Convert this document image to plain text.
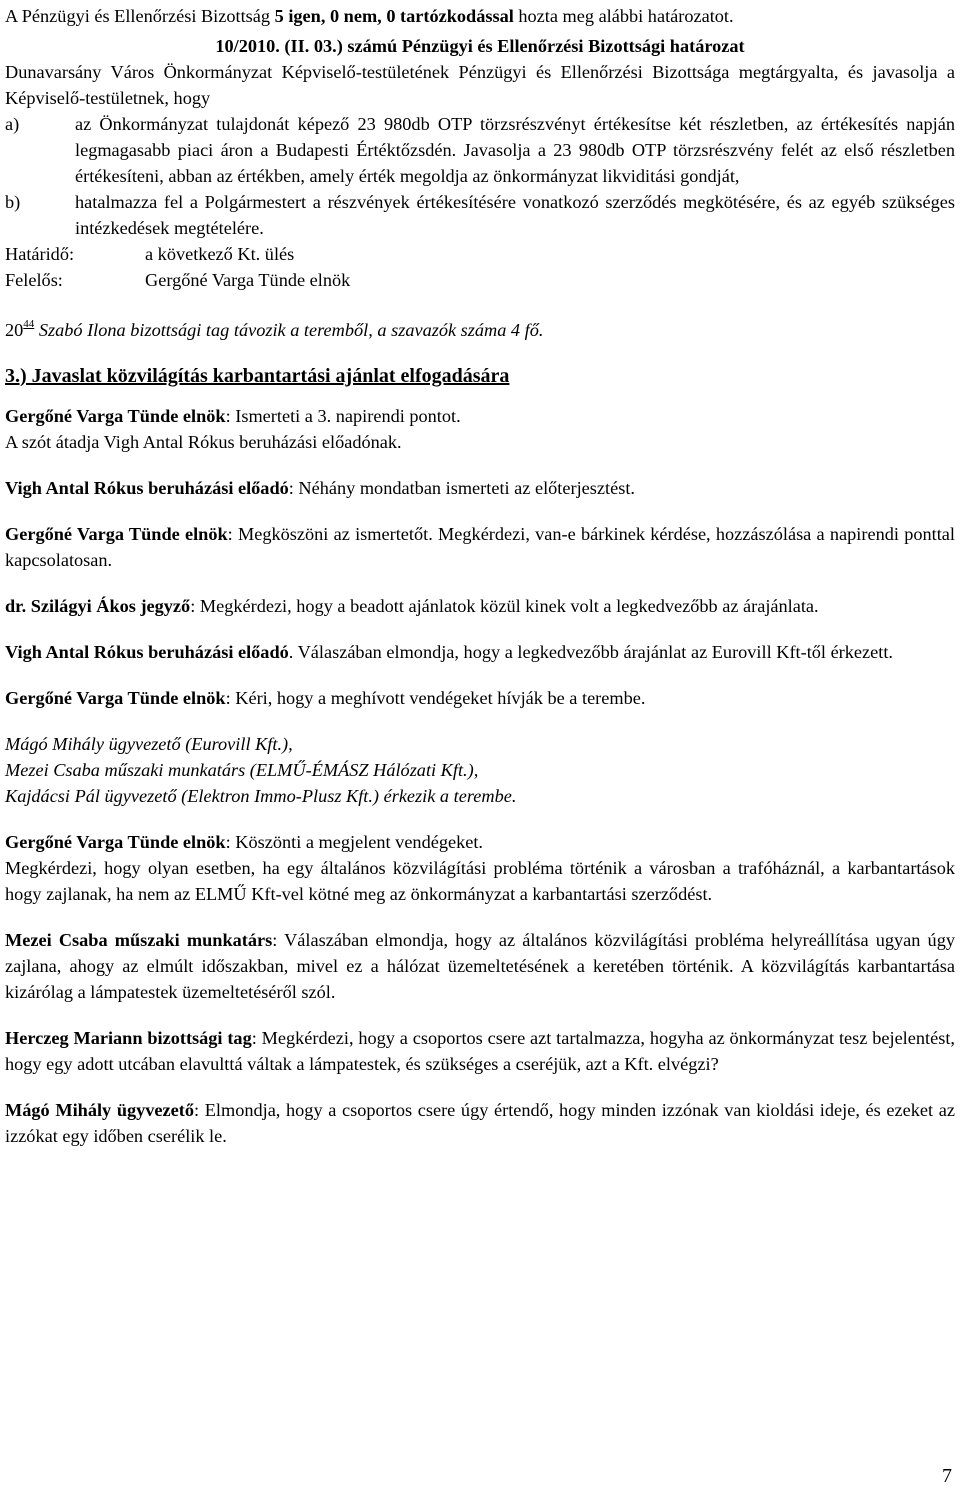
A Pénzügyi és Ellenőrzési Bizottság 5 igen, 0 nem, 0 tartózkodással hozta meg alábbi határozatot.

10/2010. (II. 03.) számú Pénzügyi és Ellenőrzési Bizottsági határozat

Dunavarsány Város Önkormányzat Képviselő-testületének Pénzügyi és Ellenőrzési Bizottsága megtárgyalta, és javasolja a Képviselő-testületnek, hogy

a)	az Önkormányzat tulajdonát képező 23 980db OTP törzsrészvényt értékesítse két részletben, az értékesítés napján legmagasabb piaci áron a Budapesti Értéktőzsdén. Javasolja a 23 980db OTP törzsrészvény felét az első részletben értékesíteni, abban az értékben, amely érték megoldja az önkormányzat likviditási gondját,
b)	hatalmazza fel a Polgármestert a részvények értékesítésére vonatkozó szerződés megkötésére, és az egyéb szükséges intézkedések megtételére.
Határidő:	a következő Kt. ülés
Felelős:	Gergőné Varga Tünde elnök

$20^{44}$ Szabó Ilona bizottsági tag távozik a teremből, a szavazók száma 4 fő.

3.) Javaslat közvilágítás karbantartási ajánlat elfogadására

Gergőné Varga Tünde elnök: Ismerteti a 3. napirendi pontot.

A szót átadja Vigh Antal Rókus beruházási előadónak.

Vigh Antal Rókus beruházási előadó: Néhány mondatban ismerteti az előterjesztést.

Gergőné Varga Tünde elnök: Megköszöni az ismertetőt. Megkérdezi, van-e bárkinek kérdése, hozzászólása a napirendi ponttal kapcsolatosan.

dr. Szilágyi Ákos jegyző: Megkérdezi, hogy a beadott ajánlatok közül kinek volt a legkedvezőbb az árajánlata.

Vigh Antal Rókus beruházási előadó. Válaszában elmondja, hogy a legkedvezőbb árajánlat az Eurovill Kft-től érkezett.

Gergőné Varga Tünde elnök: Kéri, hogy a meghívott vendégeket hívják be a terembe.

Mágó Mihály ügyvezető (Eurovill Kft.),

Mezei Csaba műszaki munkatárs (ELMŰ-ÉMÁSZ Hálózati Kft.),

Kajdácsi Pál ügyvezető (Elektron Immo-Plusz Kft.) érkezik a terembe.

Gergőné Varga Tünde elnök: Köszönti a megjelent vendégeket.

Megkérdezi, hogy olyan esetben, ha egy általános közvilágítási probléma történik a városban a trafóháznál, a karbantartások hogy zajlanak, ha nem az ELMŰ Kft-vel kötné meg az önkormányzat a karbantartási szerződést.

Mezei Csaba műszaki munkatárs: Válaszában elmondja, hogy az általános közvilágítási probléma helyreállítása ugyan úgy zajlana, ahogy az elmúlt időszakban, mivel ez a hálózat üzemeltetésének a keretében történik. A közvilágítás karbantartása kizárólag a lámpatestek üzemeltetéséről szól.

Herczeg Mariann bizottsági tag: Megkérdezi, hogy a csoportos csere azt tartalmazza, hogyha az önkormányzat tesz bejelentést, hogy egy adott utcában elavulttá váltak a lámpatestek, és szükséges a cseréjük, azt a Kft. elvégzi?

Mágó Mihály ügyvezető: Elmondja, hogy a csoportos csere úgy értendő, hogy minden izzónak van kioldási ideje, és ezeket az izzókat egy időben cserélik le.

7
